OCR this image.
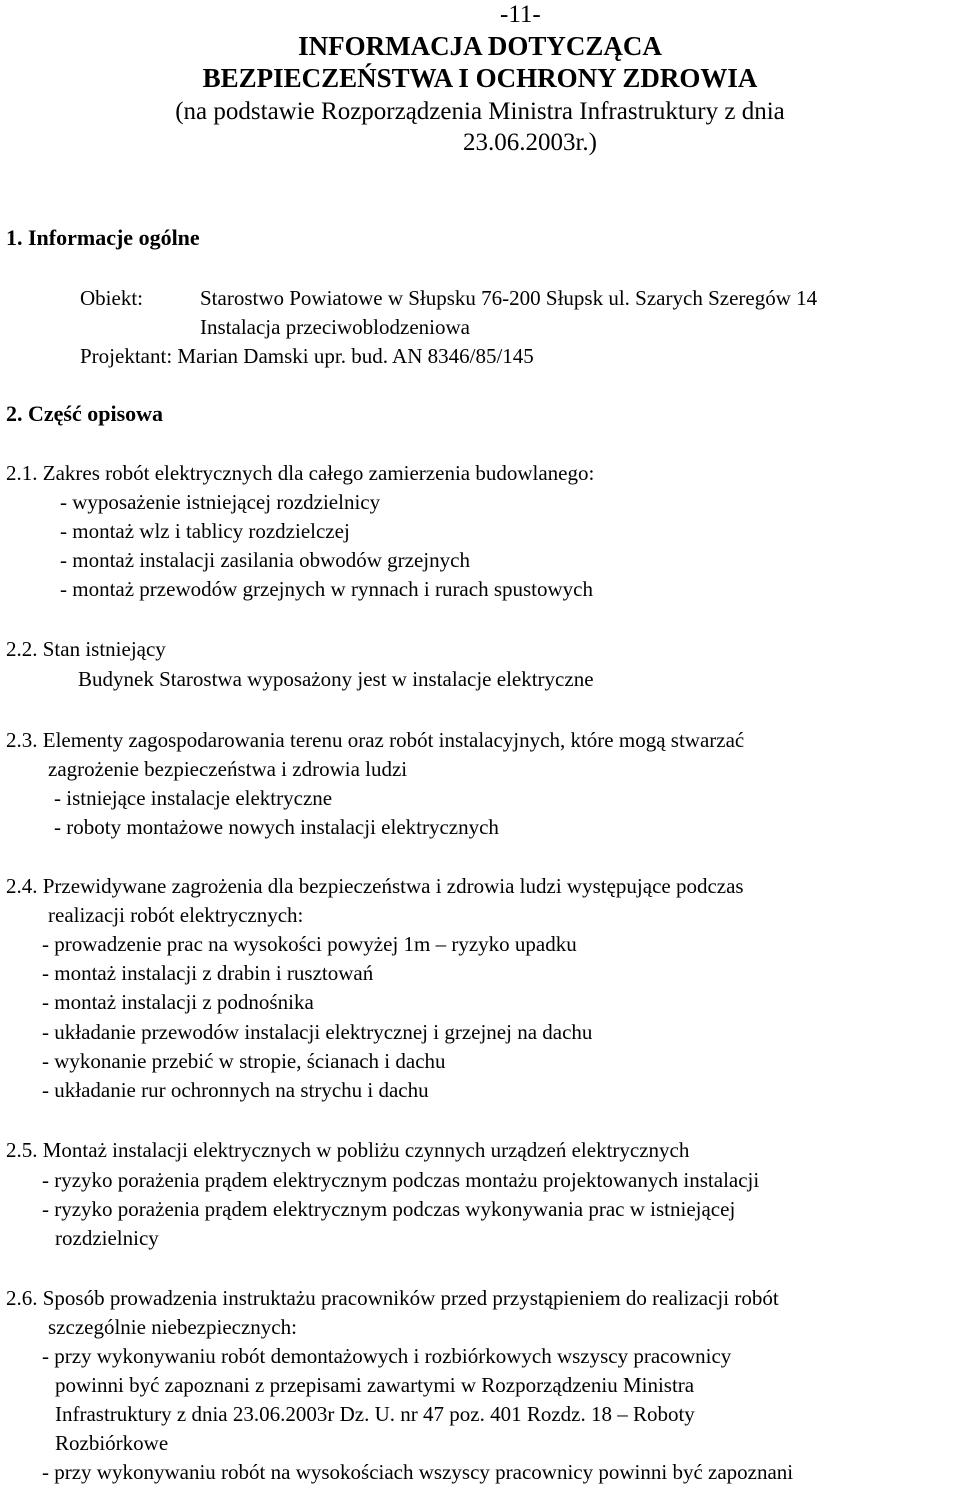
-11-
INFORMACJA DOTYCZĄCA
BEZPIECZEŃSTWA I OCHRONY ZDROWIA
(na podstawie Rozporządzenia Ministra Infrastruktury z dnia
23.06.2003r.)
1. Informacje ogólne
Obiekt:	Starostwo Powiatowe w Słupsku 76-200 Słupsk ul. Szarych Szeregów 14
Instalacja przeciwoblodzeniowa
Projektant: Marian Damski upr. bud. AN 8346/85/145
2. Część opisowa
2.1. Zakres robót elektrycznych dla całego zamierzenia budowlanego:
- wyposażenie istniejącej rozdzielnicy
- montaż wlz i tablicy rozdzielczej
- montaż instalacji zasilania obwodów grzejnych
- montaż przewodów grzejnych w rynnach i rurach spustowych
2.2. Stan istniejący
Budynek Starostwa wyposażony jest w instalacje elektryczne
2.3. Elementy zagospodarowania terenu oraz robót instalacyjnych, które mogą stwarzać
zagrożenie bezpieczeństwa i zdrowia ludzi
- istniejące instalacje elektryczne
- roboty montażowe nowych instalacji elektrycznych
2.4. Przewidywane zagrożenia dla bezpieczeństwa i zdrowia ludzi występujące podczas
realizacji robót elektrycznych:
- prowadzenie prac na wysokości powyżej 1m – ryzyko upadku
- montaż instalacji z drabin i rusztowań
- montaż instalacji z podnośnika
- układanie przewodów instalacji elektrycznej i grzejnej na dachu
- wykonanie przebić w stropie, ścianach i dachu
- układanie rur ochronnych na strychu i dachu
2.5. Montaż instalacji elektrycznych w pobliżu czynnych urządzeń elektrycznych
- ryzyko porażenia prądem elektrycznym podczas montażu projektowanych instalacji
- ryzyko porażenia prądem elektrycznym podczas wykonywania prac w istniejącej
rozdzielnicy
2.6. Sposób prowadzenia instruktażu pracowników przed przystąpieniem do realizacji robót
szczególnie niebezpiecznych:
- przy wykonywaniu robót demontażowych i rozbiórkowych wszyscy pracownicy
powinni być zapoznani z przepisami zawartymi w Rozporządzeniu Ministra
Infrastruktury z dnia 23.06.2003r Dz. U. nr 47 poz. 401 Rozdz. 18 – Roboty
Rozbiórkowe
- przy wykonywaniu robót na wysokościach wszyscy pracownicy powinni być zapoznani
